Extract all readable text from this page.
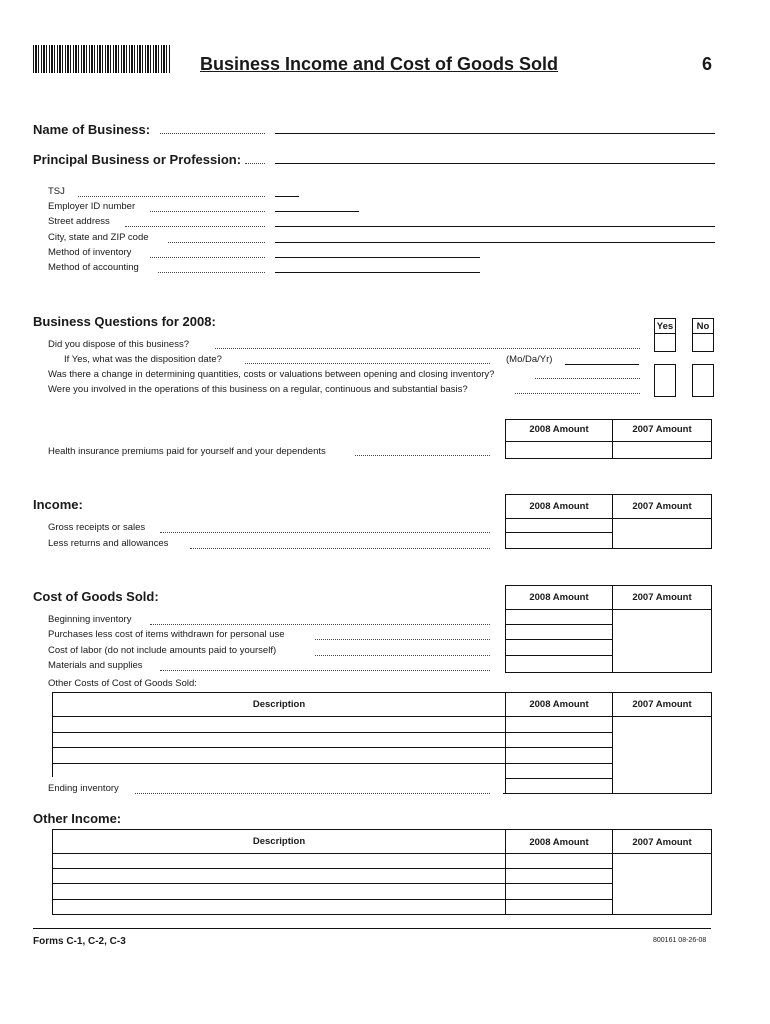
Business Income and Cost of Goods Sold	6
Name of Business:
Principal Business or Profession:
TSJ
Employer ID number
Street address
City, state and ZIP code
Method of inventory
Method of accounting
Business Questions for 2008:	Yes	No
Did you dispose of this business?
If Yes, what was the disposition date?	(Mo/Da/Yr)
Was there a change in determining quantities, costs or valuations between opening and closing inventory?
Were you involved in the operations of this business on a regular, continuous and substantial basis?
2008 Amount	2007 Amount
Health insurance premiums paid for yourself and your dependents
Income:	2008 Amount	2007 Amount
Gross receipts or sales
Less returns and allowances
Cost of Goods Sold:	2008 Amount	2007 Amount
Beginning inventory
Purchases less cost of items withdrawn for personal use
Cost of labor (do not include amounts paid to yourself)
Materials and supplies
Other Costs of Cost of Goods Sold:
Description	2008 Amount	2007 Amount
Ending inventory
Other Income:
Description	2008 Amount	2007 Amount
Forms C-1, C-2, C-3	800161 08-26-08
